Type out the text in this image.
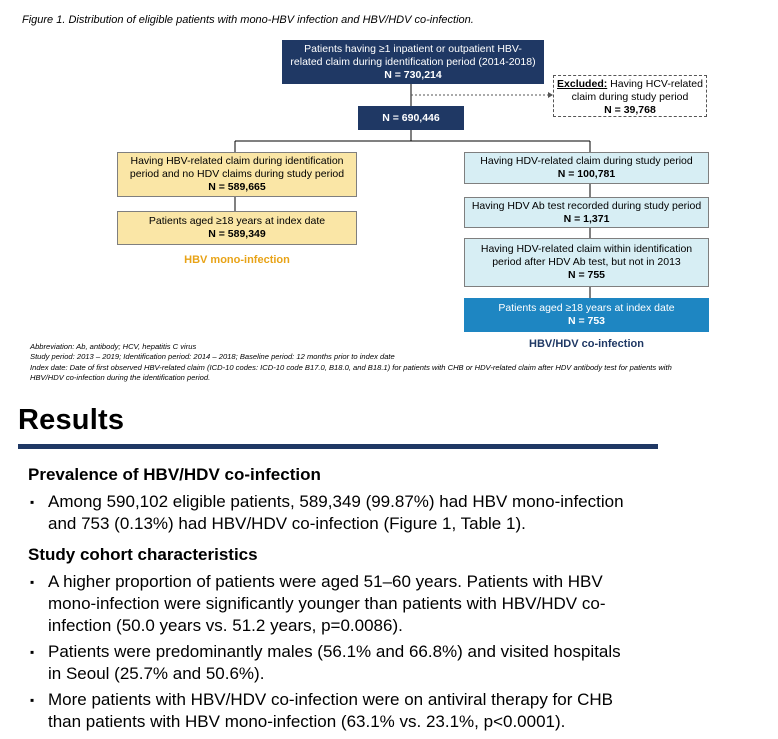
Figure 1. Distribution of eligible patients with mono-HBV infection and HBV/HDV co-infection.
Patients having ≥1 inpatient or outpatient HBV-
related claim during identification period (2014-2018)
N = 730,214
Excluded: Having HCV-related
claim during study period
N = 39,768
N = 690,446
Having HBV-related claim during identification
period and no HDV claims during study period
N = 589,665
Patients aged ≥18 years at index date
N = 589,349
HBV mono-infection
Having HDV-related claim during study period
N = 100,781
Having HDV Ab test recorded during study period
N = 1,371
Having HDV-related claim within identification
period after HDV Ab test, but not in 2013
N = 755
Patients aged ≥18 years at index date
N = 753
HBV/HDV co-infection
Abbreviation: Ab, antibody; HCV, hepatitis C virus
Study period: 2013 – 2019; Identification period: 2014 – 2018; Baseline period: 12 months prior to index date
Index date: Date of first observed HBV-related claim (ICD-10 codes: ICD-10 code B17.0, B18.0, and B18.1) for patients with CHB or HDV-related claim after HDV antibody test for patients with
HBV/HDV co-infection during the identification period.
Results
Prevalence of HBV/HDV co-infection
▪ Among 590,102 eligible patients, 589,349 (99.87%) had HBV mono-infection
and 753 (0.13%) had HBV/HDV co-infection (Figure 1, Table 1).
Study cohort characteristics
▪ A higher proportion of patients were aged 51–60 years. Patients with HBV
mono-infection were significantly younger than patients with HBV/HDV co-
infection (50.0 years vs. 51.2 years, p=0.0086).
▪ Patients were predominantly males (56.1% and 66.8%) and visited hospitals
in Seoul (25.7% and 50.6%).
▪ More patients with HBV/HDV co-infection were on antiviral therapy for CHB
than patients with HBV mono-infection (63.1% vs. 23.1%, p<0.0001).
